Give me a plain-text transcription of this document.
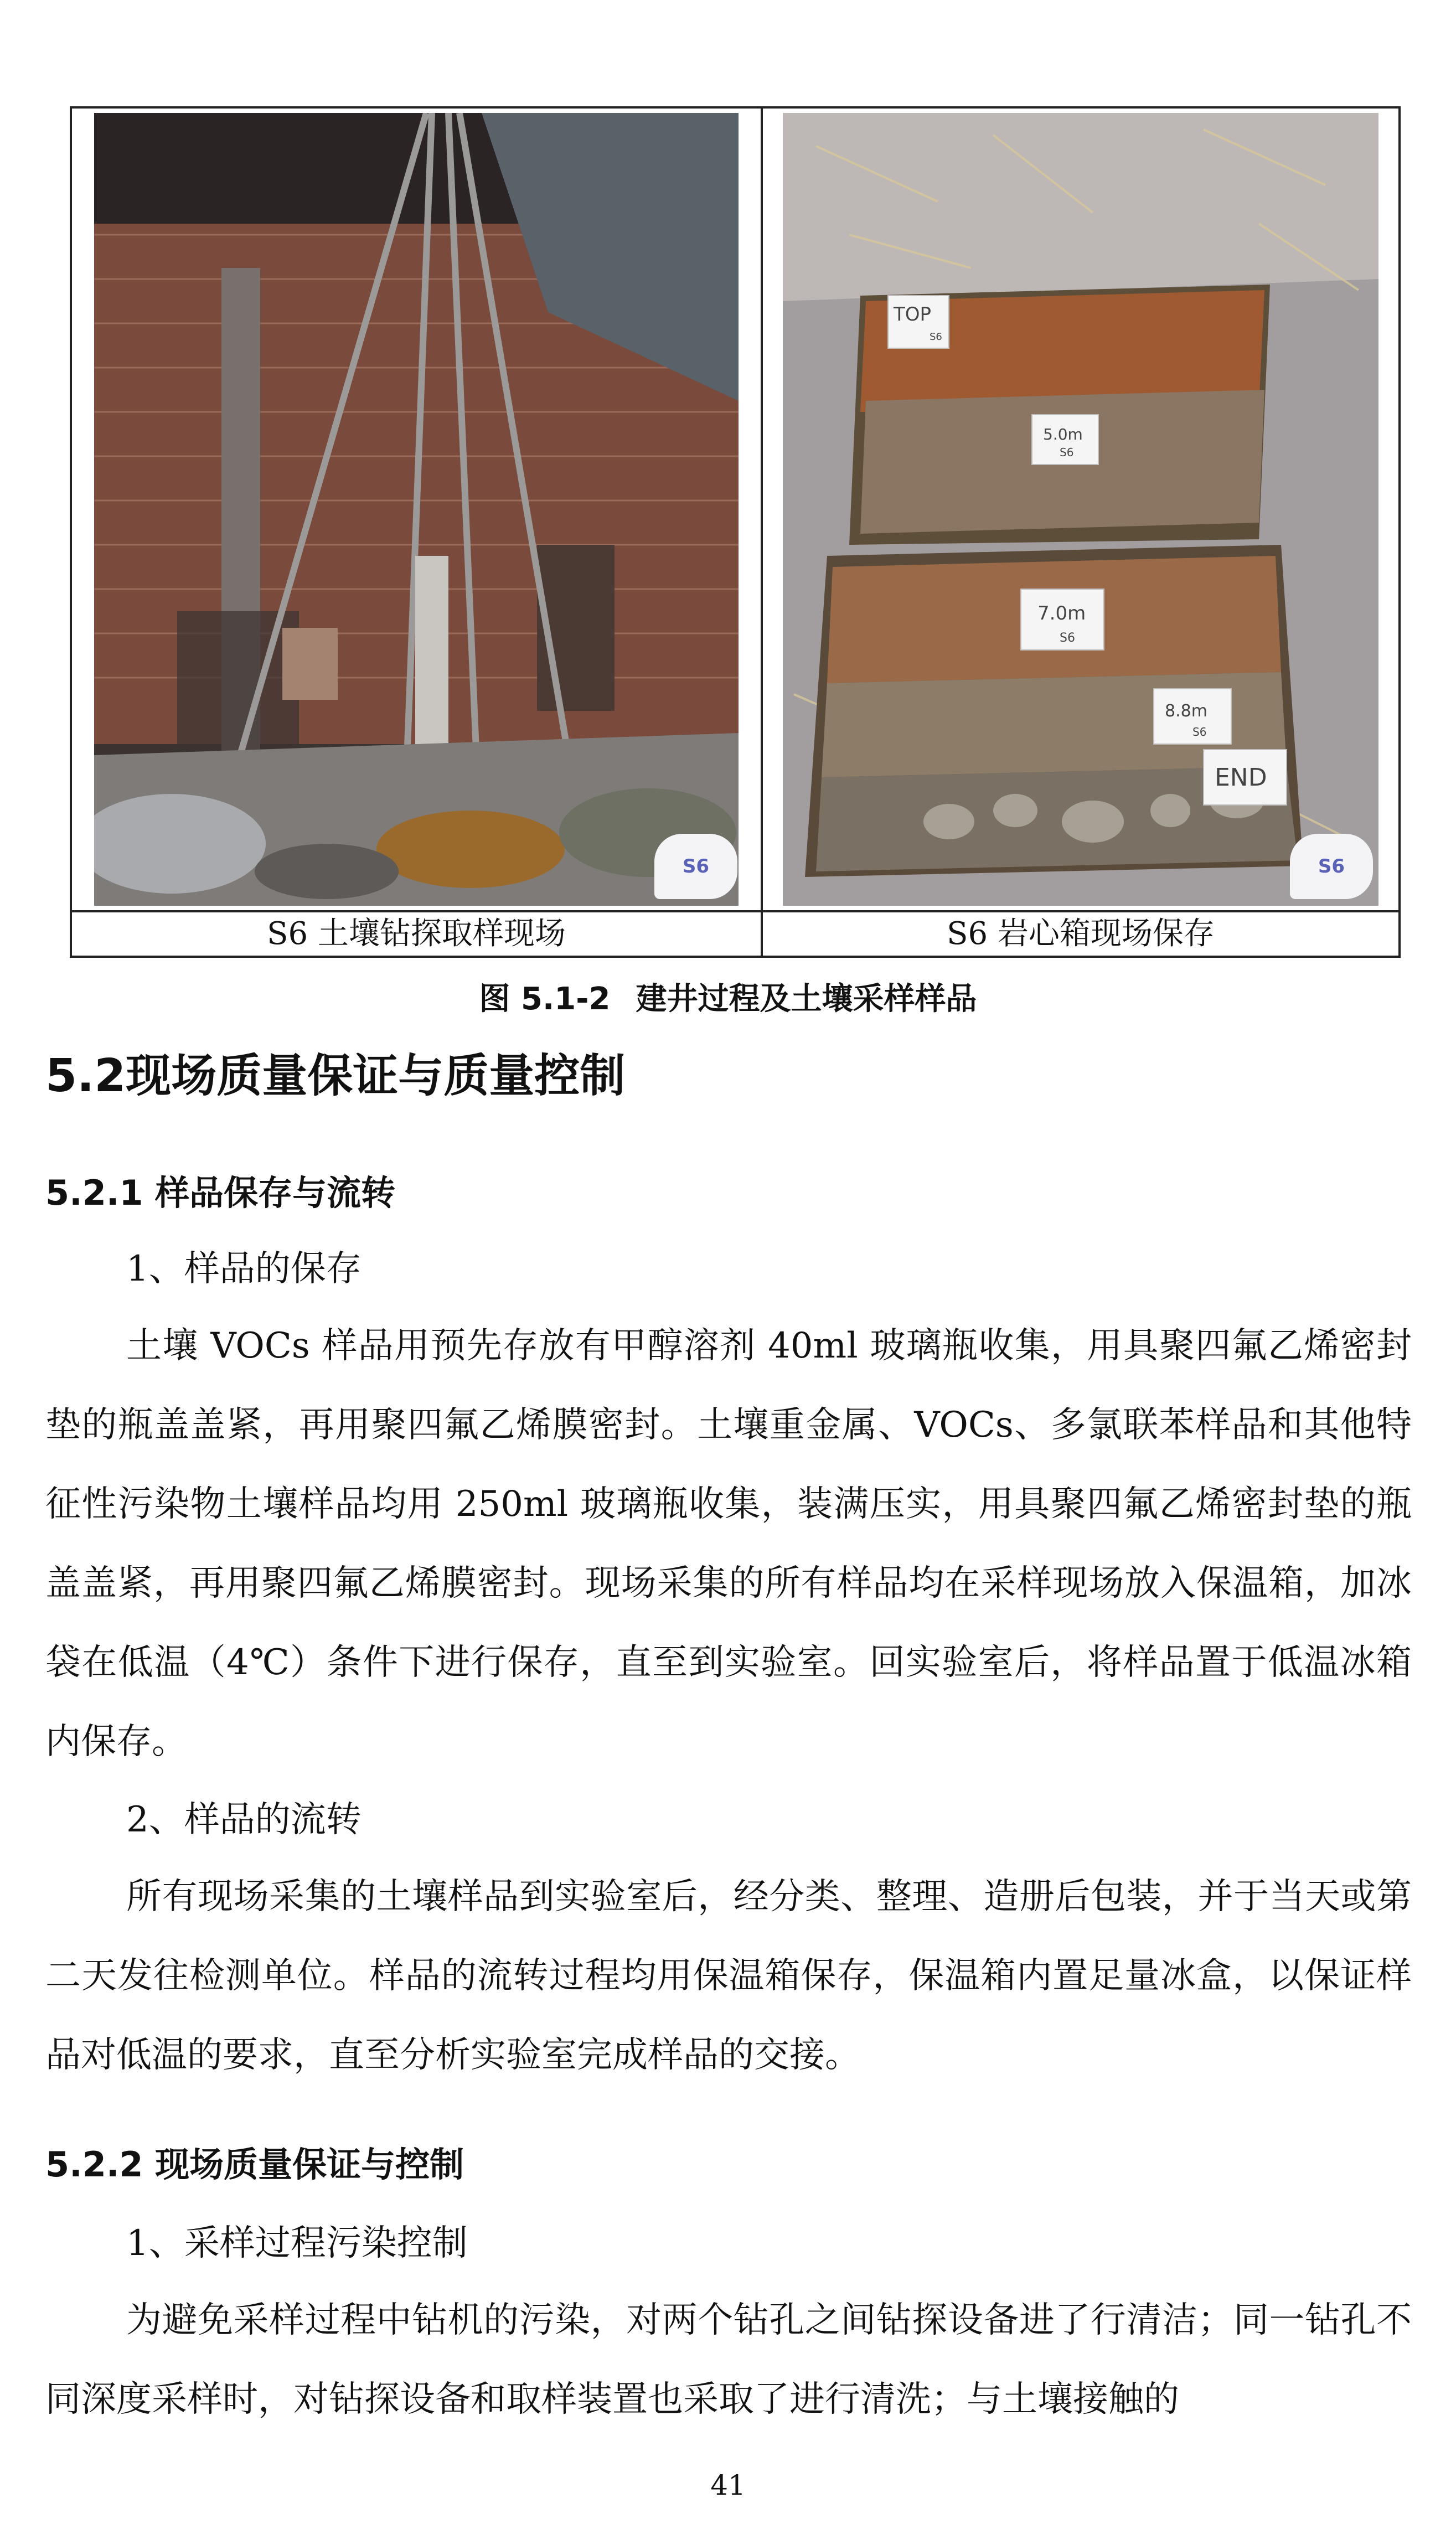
S6
TOP
S6
5.0m
S6
7.0m
S6
8.8m
S6
END
S6
S6 土壤钻探取样现场	S6 岩心箱现场保存
图 5.1-2 建井过程及土壤采样样品
5.2现场质量保证与质量控制
5.2.1 样品保存与流转
1、样品的保存

土壤 VOCs 样品用预先存放有甲醇溶剂 40ml 玻璃瓶收集，用具聚四氟乙烯密封垫的瓶盖盖紧，再用聚四氟乙烯膜密封。土壤重金属、VOCs、多氯联苯样品和其他特征性污染物土壤样品均用 250ml 玻璃瓶收集，装满压实，用具聚四氟乙烯密封垫的瓶盖盖紧，再用聚四氟乙烯膜密封。现场采集的所有样品均在采样现场放入保温箱，加冰袋在低温（4℃）条件下进行保存，直至到实验室。回实验室后，将样品置于低温冰箱内保存。

2、样品的流转

所有现场采集的土壤样品到实验室后，经分类、整理、造册后包装，并于当天或第二天发往检测单位。样品的流转过程均用保温箱保存，保温箱内置足量冰盒，以保证样品对低温的要求，直至分析实验室完成样品的交接。

5.2.2 现场质量保证与控制
1、采样过程污染控制

为避免采样过程中钻机的污染，对两个钻孔之间钻探设备进了行清洁；同一钻孔不同深度采样时，对钻探设备和取样装置也采取了进行清洗；与土壤接触的

41
